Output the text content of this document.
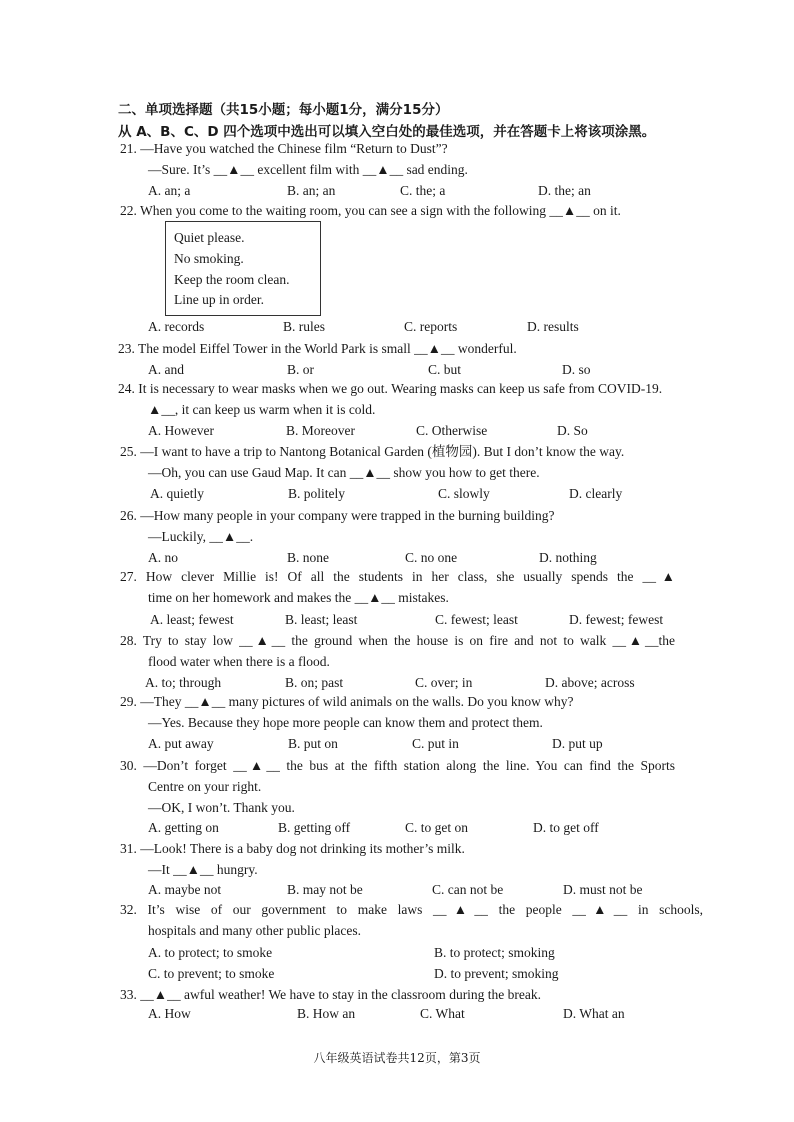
二、单项选择题（共15小题；每小题1分，满分15分）
从 A、B、C、D 四个选项中选出可以填入空白处的最佳选项，并在答题卡上将该项涂黑。
21. —Have you watched the Chinese film “Return to Dust”?
—Sure. It’s __▲__ excellent film with __▲__ sad ending.
A. an; a	B. an; an	C. the; a	D. the; an
22. When you come to the waiting room, you can see a sign with the following __▲__ on it.
Quiet please.
No smoking.
Keep the room clean.
Line up in order.
A. records	B. rules	C. reports	D. results
23. The model Eiffel Tower in the World Park is small __▲__ wonderful.
A. and	B. or	C. but	D. so
24. It is necessary to wear masks when we go out. Wearing masks can keep us safe from COVID-19.
▲__, it can keep us warm when it is cold.
A. However	B. Moreover	C. Otherwise	D. So
25. —I want to have a trip to Nantong Botanical Garden (植物园). But I don’t know the way.
—Oh, you can use Gaud Map. It can __▲__ show you how to get there.
A. quietly	B. politely	C. slowly	D. clearly
26. —How many people in your company were trapped in the burning building?
—Luckily, __▲__.
A. no	B. none	C. no one	D. nothing
27. How clever Millie is! Of all the students in her class, she usually spends the __▲
time on her homework and makes the __▲__ mistakes.
A. least; fewest	B. least; least	C. fewest; least	D. fewest; fewest
28. Try to stay low __▲__ the ground when the house is on fire and not to walk __▲__the
flood water when there is a flood.
A. to; through	B. on; past	C. over; in	D. above; across
29. —They __▲__ many pictures of wild animals on the walls. Do you know why?
—Yes. Because they hope more people can know them and protect them.
A. put away	B. put on	C. put in	D. put up
30. —Don’t forget __▲__ the bus at the fifth station along the line. You can find the Sports
Centre on your right.
—OK, I won’t. Thank you.
A. getting on	B. getting off	C. to get on	D. to get off
31. —Look! There is a baby dog not drinking its mother’s milk.
—It __▲__ hungry.
A. maybe not	B. may not be	C. can not be	D. must not be
32. It’s wise of our government to make laws __▲__ the people __▲__ in schools,
hospitals and many other public places.
A. to protect; to smoke	B. to protect; smoking
C. to prevent; to smoke	D. to prevent; smoking
33. __▲__ awful weather! We have to stay in the classroom during the break.
A. How	B. How an	C. What	D. What an
八年级英语试卷共12页，第3页
